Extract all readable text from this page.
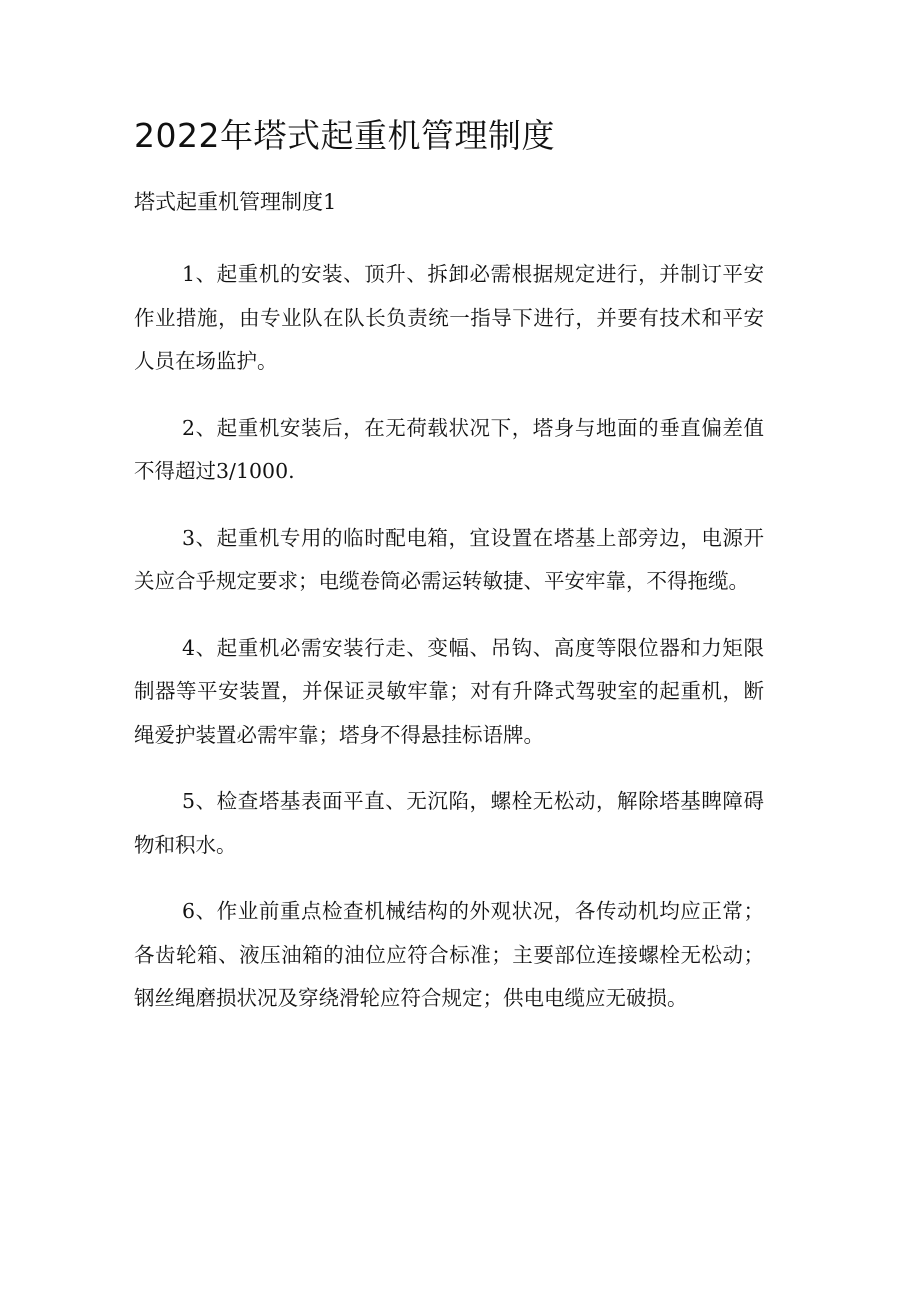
2022年塔式起重机管理制度

塔式起重机管理制度1

1、起重机的安装、顶升、拆卸必需根据规定进行，并制订平安作业措施，由专业队在队长负责统一指导下进行，并要有技术和平安人员在场监护。

2、起重机安装后，在无荷载状况下，塔身与地面的垂直偏差值不得超过3/1000.

3、起重机专用的临时配电箱，宜设置在塔基上部旁边，电源开关应合乎规定要求；电缆卷筒必需运转敏捷、平安牢靠，不得拖缆。

4、起重机必需安装行走、变幅、吊钩、高度等限位器和力矩限制器等平安装置，并保证灵敏牢靠；对有升降式驾驶室的起重机，断绳爱护装置必需牢靠；塔身不得悬挂标语牌。

5、检查塔基表面平直、无沉陷，螺栓无松动，解除塔基睥障碍物和积水。

6、作业前重点检查机械结构的外观状况，各传动机均应正常；各齿轮箱、液压油箱的油位应符合标准；主要部位连接螺栓无松动；钢丝绳磨损状况及穿绕滑轮应符合规定；供电电缆应无破损。
